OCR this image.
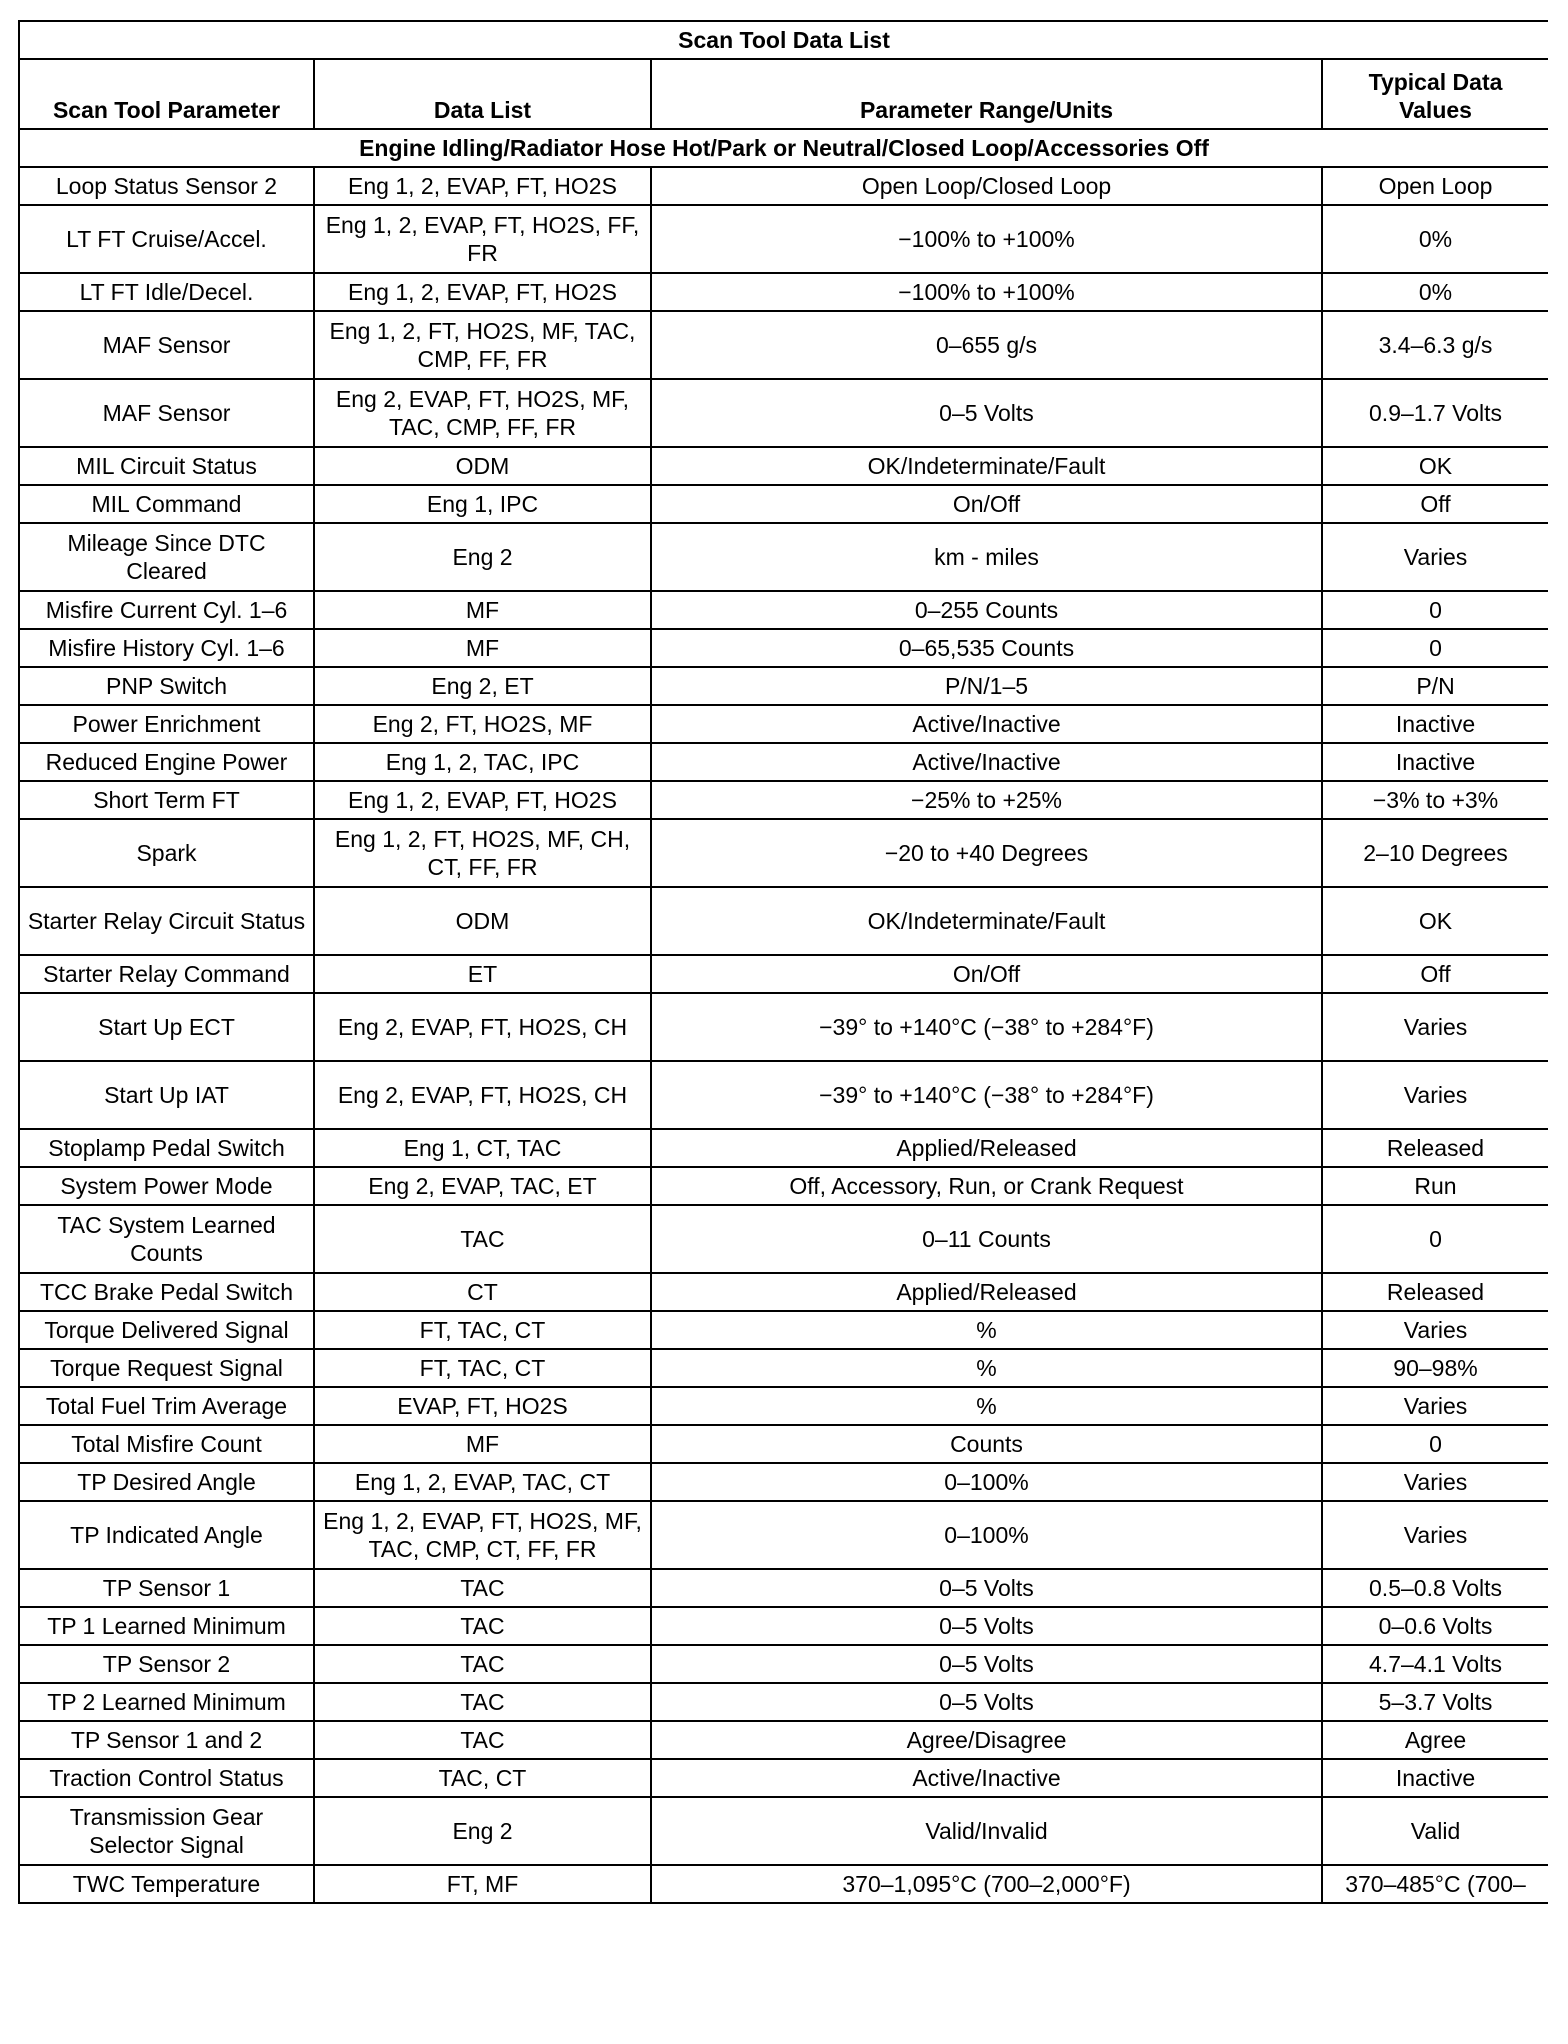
Scan Tool Data List			
Scan Tool Parameter	Data List	Parameter Range/Units	Typical Data Values
Engine Idling/Radiator Hose Hot/Park or Neutral/Closed Loop/Accessories Off			
Loop Status Sensor 2	Eng 1, 2, EVAP, FT, HO2S	Open Loop/Closed Loop	Open Loop
LT FT Cruise/Accel.	Eng 1, 2, EVAP, FT, HO2S, FF, FR	−100% to +100%	0%
LT FT Idle/Decel.	Eng 1, 2, EVAP, FT, HO2S	−100% to +100%	0%
MAF Sensor	Eng 1, 2, FT, HO2S, MF, TAC, CMP, FF, FR	0–655 g/s	3.4–6.3 g/s
MAF Sensor	Eng 2, EVAP, FT, HO2S, MF, TAC, CMP, FF, FR	0–5 Volts	0.9–1.7 Volts
MIL Circuit Status	ODM	OK/Indeterminate/Fault	OK
MIL Command	Eng 1, IPC	On/Off	Off
Mileage Since DTC Cleared	Eng 2	km - miles	Varies
Misfire Current Cyl. 1–6	MF	0–255 Counts	0
Misfire History Cyl. 1–6	MF	0–65,535 Counts	0
PNP Switch	Eng 2, ET	P/N/1–5	P/N
Power Enrichment	Eng 2, FT, HO2S, MF	Active/Inactive	Inactive
Reduced Engine Power	Eng 1, 2, TAC, IPC	Active/Inactive	Inactive
Short Term FT	Eng 1, 2, EVAP, FT, HO2S	−25% to +25%	−3% to +3%
Spark	Eng 1, 2, FT, HO2S, MF, CH, CT, FF, FR	−20 to +40 Degrees	2–10 Degrees
Starter Relay Circuit Status	ODM	OK/Indeterminate/Fault	OK
Starter Relay Command	ET	On/Off	Off
Start Up ECT	Eng 2, EVAP, FT, HO2S, CH	−39° to +140°C (−38° to +284°F)	Varies
Start Up IAT	Eng 2, EVAP, FT, HO2S, CH	−39° to +140°C (−38° to +284°F)	Varies
Stoplamp Pedal Switch	Eng 1, CT, TAC	Applied/Released	Released
System Power Mode	Eng 2, EVAP, TAC, ET	Off, Accessory, Run, or Crank Request	Run
TAC System Learned Counts	TAC	0–11 Counts	0
TCC Brake Pedal Switch	CT	Applied/Released	Released
Torque Delivered Signal	FT, TAC, CT	%	Varies
Torque Request Signal	FT, TAC, CT	%	90–98%
Total Fuel Trim Average	EVAP, FT, HO2S	%	Varies
Total Misfire Count	MF	Counts	0
TP Desired Angle	Eng 1, 2, EVAP, TAC, CT	0–100%	Varies
TP Indicated Angle	Eng 1, 2, EVAP, FT, HO2S, MF, TAC, CMP, CT, FF, FR	0–100%	Varies
TP Sensor 1	TAC	0–5 Volts	0.5–0.8 Volts
TP 1 Learned Minimum	TAC	0–5 Volts	0–0.6 Volts
TP Sensor 2	TAC	0–5 Volts	4.7–4.1 Volts
TP 2 Learned Minimum	TAC	0–5 Volts	5–3.7 Volts
TP Sensor 1 and 2	TAC	Agree/Disagree	Agree
Traction Control Status	TAC, CT	Active/Inactive	Inactive
Transmission Gear Selector Signal	Eng 2	Valid/Invalid	Valid
TWC Temperature	FT, MF	370–1,095°C (700–2,000°F)	370–485°C (700–
